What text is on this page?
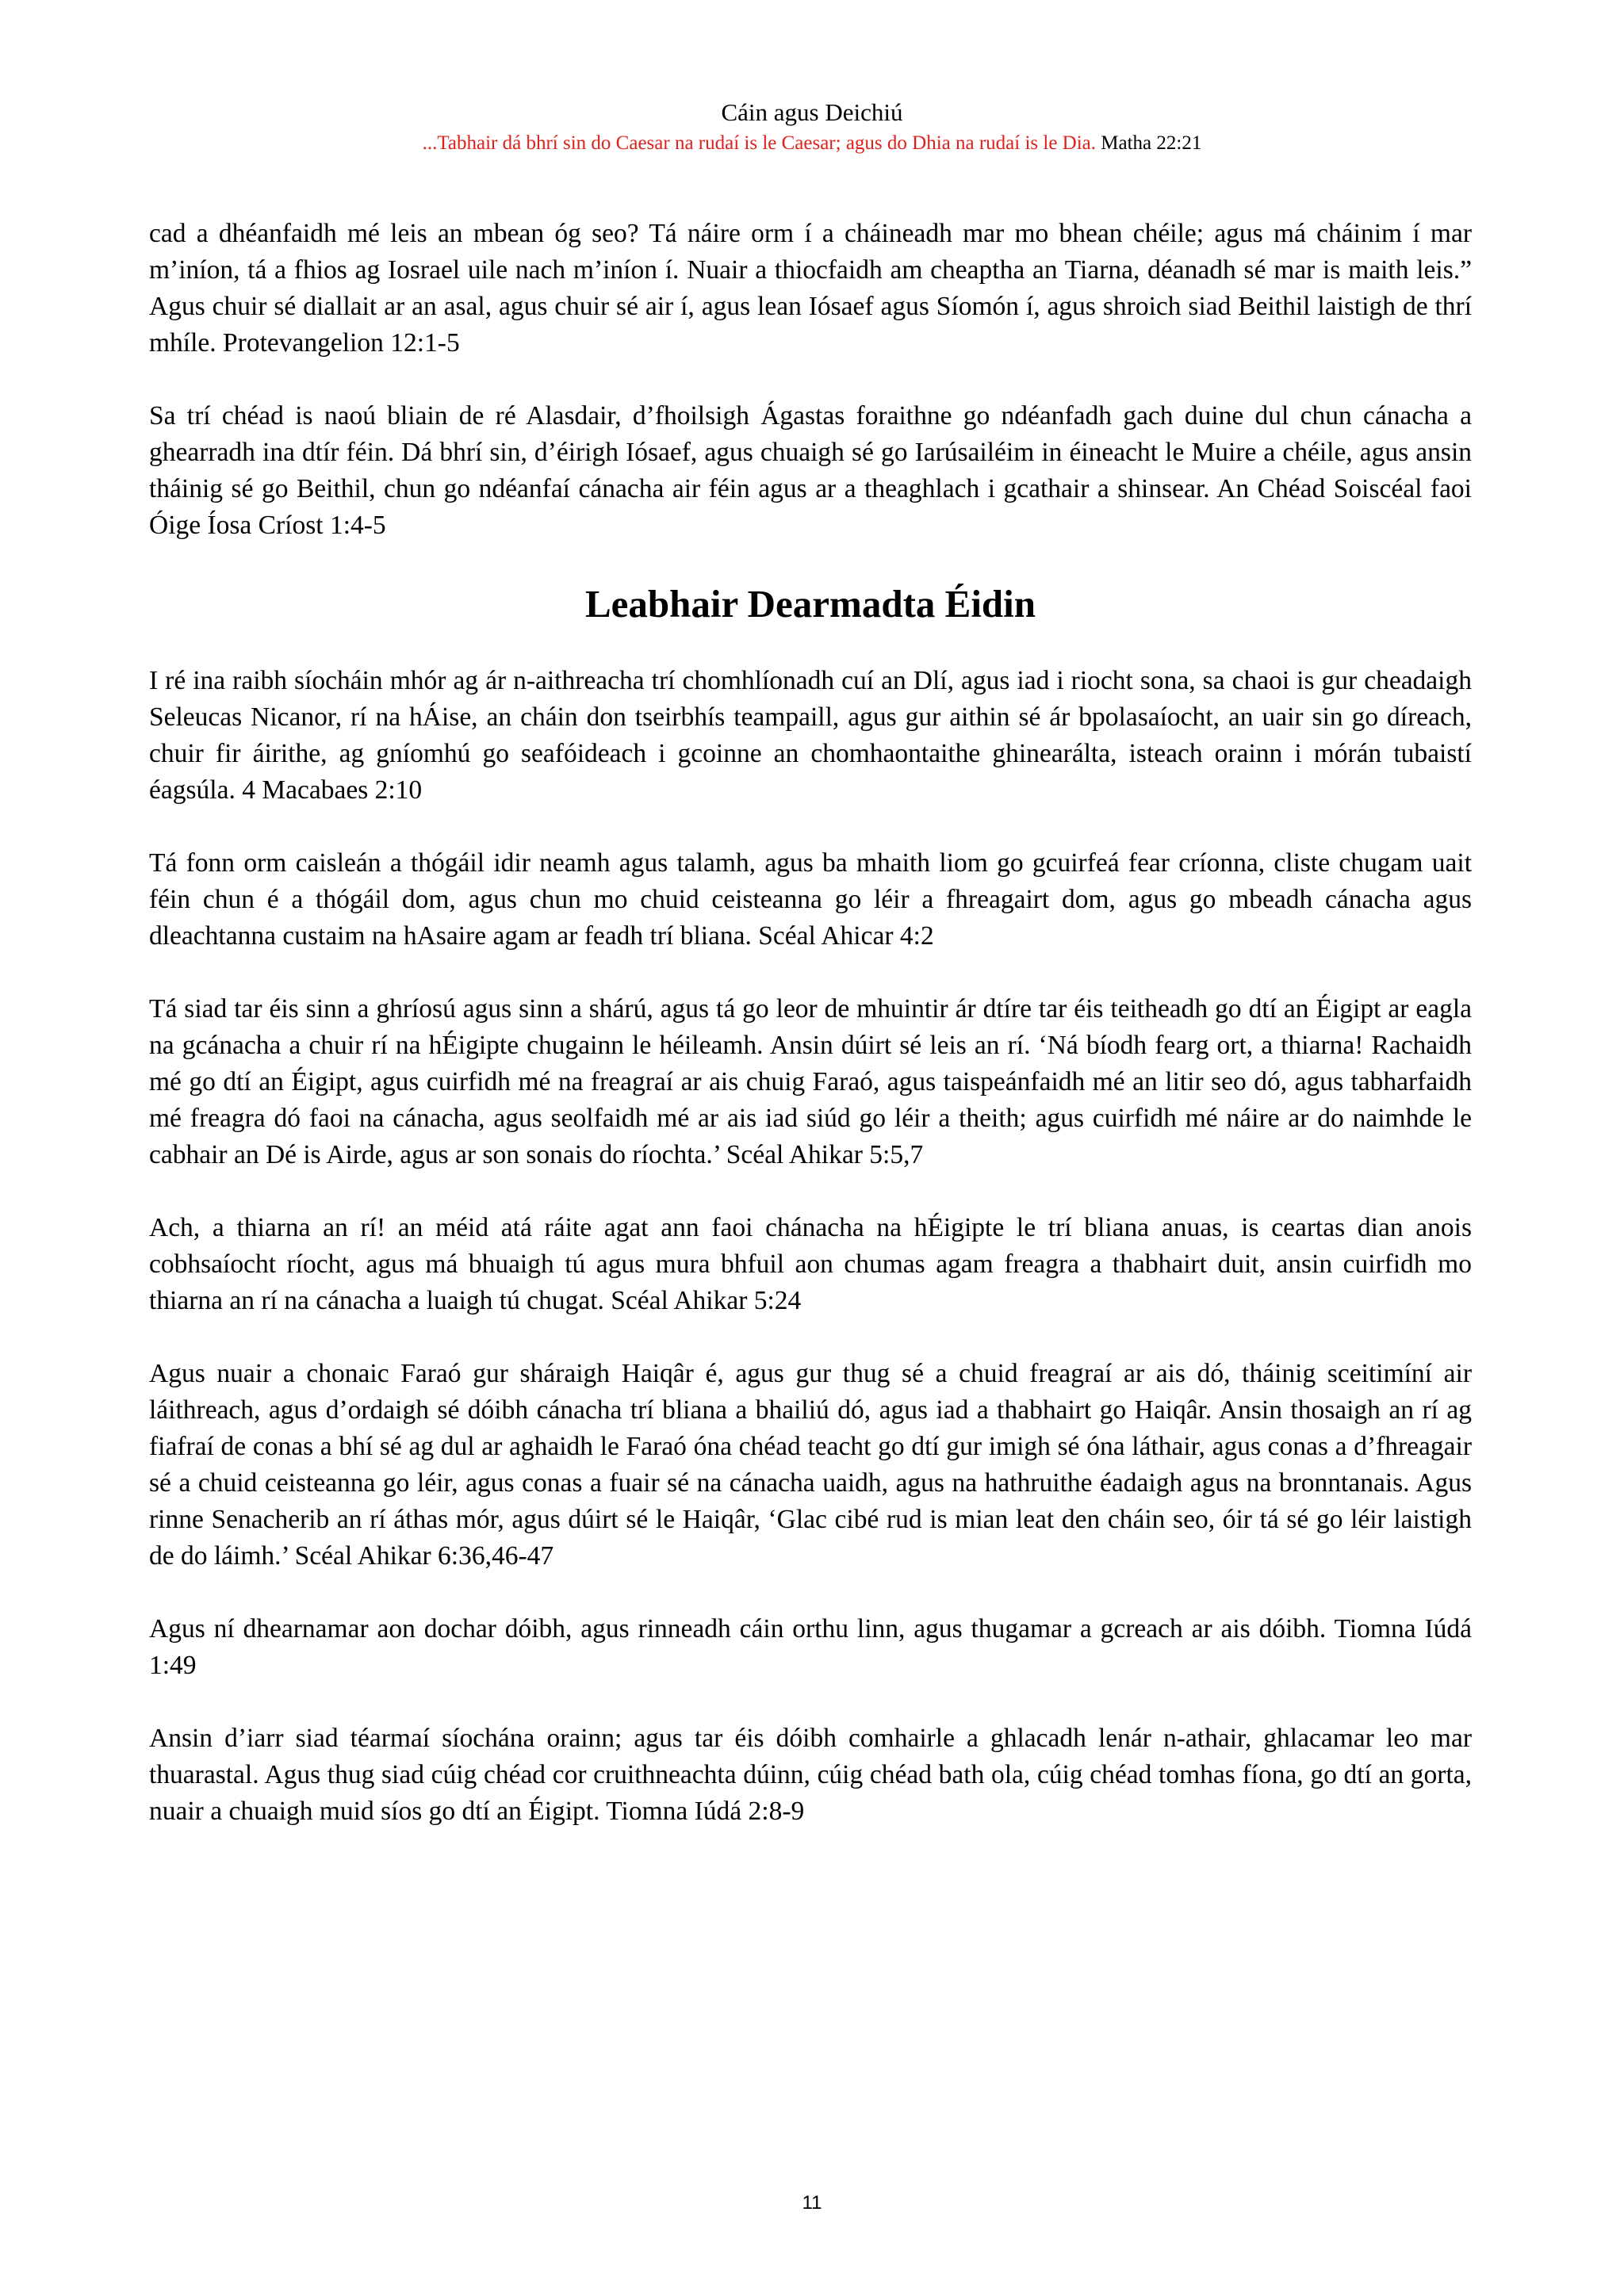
Cáin agus Deichiú
...Tabhair dá bhrí sin do Caesar na rudaí is le Caesar; agus do Dhia na rudaí is le Dia. Matha 22:21

cad a dhéanfaidh mé leis an mbean óg seo? Tá náire orm í a cháineadh mar mo bhean chéile; agus má cháinim í mar m’iníon, tá a fhios ag Iosrael uile nach m’iníon í. Nuair a thiocfaidh am cheaptha an Tiarna, déanadh sé mar is maith leis.” Agus chuir sé diallait ar an asal, agus chuir sé air í, agus lean Iósaef agus Síomón í, agus shroich siad Beithil laistigh de thrí mhíle. Protevangelion 12:1-5

Sa trí chéad is naoú bliain de ré Alasdair, d’fhoilsigh Ágastas foraithne go ndéanfadh gach duine dul chun cánacha a ghearradh ina dtír féin. Dá bhrí sin, d’éirigh Iósaef, agus chuaigh sé go Iarúsailéim in éineacht le Muire a chéile, agus ansin tháinig sé go Beithil, chun go ndéanfaí cánacha air féin agus ar a theaghlach i gcathair a shinsear. An Chéad Soiscéal faoi Óige Íosa Críost 1:4-5

Leabhair Dearmadta Éidin

I ré ina raibh síocháin mhór ag ár n-aithreacha trí chomhlíonadh cuí an Dlí, agus iad i riocht sona, sa chaoi is gur cheadaigh Seleucas Nicanor, rí na hÁise, an cháin don tseirbhís teampaill, agus gur aithin sé ár bpolasaíocht, an uair sin go díreach, chuir fir áirithe, ag gníomhú go seafóideach i gcoinne an chomhaontaithe ghinearálta, isteach orainn i mórán tubaistí éagsúla. 4 Macabaes 2:10

Tá fonn orm caisleán a thógáil idir neamh agus talamh, agus ba mhaith liom go gcuirfeá fear críonna, cliste chugam uait féin chun é a thógáil dom, agus chun mo chuid ceisteanna go léir a fhreagairt dom, agus go mbeadh cánacha agus dleachtanna custaim na hAsaire agam ar feadh trí bliana. Scéal Ahicar 4:2

Tá siad tar éis sinn a ghríosú agus sinn a shárú, agus tá go leor de mhuintir ár dtíre tar éis teitheadh go dtí an Éigipt ar eagla na gcánacha a chuir rí na hÉigipte chugainn le héileamh. Ansin dúirt sé leis an rí. ‘Ná bíodh fearg ort, a thiarna! Rachaidh mé go dtí an Éigipt, agus cuirfidh mé na freagraí ar ais chuig Faraó, agus taispeánfaidh mé an litir seo dó, agus tabharfaidh mé freagra dó faoi na cánacha, agus seolfaidh mé ar ais iad siúd go léir a theith; agus cuirfidh mé náire ar do naimhde le cabhair an Dé is Airde, agus ar son sonais do ríochta.’ Scéal Ahikar 5:5,7

Ach, a thiarna an rí! an méid atá ráite agat ann faoi chánacha na hÉigipte le trí bliana anuas, is ceartas dian anois cobhsaíocht ríocht, agus má bhuaigh tú agus mura bhfuil aon chumas agam freagra a thabhairt duit, ansin cuirfidh mo thiarna an rí na cánacha a luaigh tú chugat. Scéal Ahikar 5:24

Agus nuair a chonaic Faraó gur sháraigh Haiqâr é, agus gur thug sé a chuid freagraí ar ais dó, tháinig sceitimíní air láithreach, agus d’ordaigh sé dóibh cánacha trí bliana a bhailiú dó, agus iad a thabhairt go Haiqâr. Ansin thosaigh an rí ag fiafraí de conas a bhí sé ag dul ar aghaidh le Faraó óna chéad teacht go dtí gur imigh sé óna láthair, agus conas a d’fhreagair sé a chuid ceisteanna go léir, agus conas a fuair sé na cánacha uaidh, agus na hathruithe éadaigh agus na bronntanais. Agus rinne Senacherib an rí áthas mór, agus dúirt sé le Haiqâr, ‘Glac cibé rud is mian leat den cháin seo, óir tá sé go léir laistigh de do láimh.’ Scéal Ahikar 6:36,46-47

Agus ní dhearnamar aon dochar dóibh, agus rinneadh cáin orthu linn, agus thugamar a gcreach ar ais dóibh. Tiomna Iúdá 1:49

Ansin d’iarr siad téarmaí síochána orainn; agus tar éis dóibh comhairle a ghlacadh lenár n-athair, ghlacamar leo mar thuarastal. Agus thug siad cúig chéad cor cruithneachta dúinn, cúig chéad bath ola, cúig chéad tomhas fíona, go dtí an gorta, nuair a chuaigh muid síos go dtí an Éigipt. Tiomna Iúdá 2:8-9

11
